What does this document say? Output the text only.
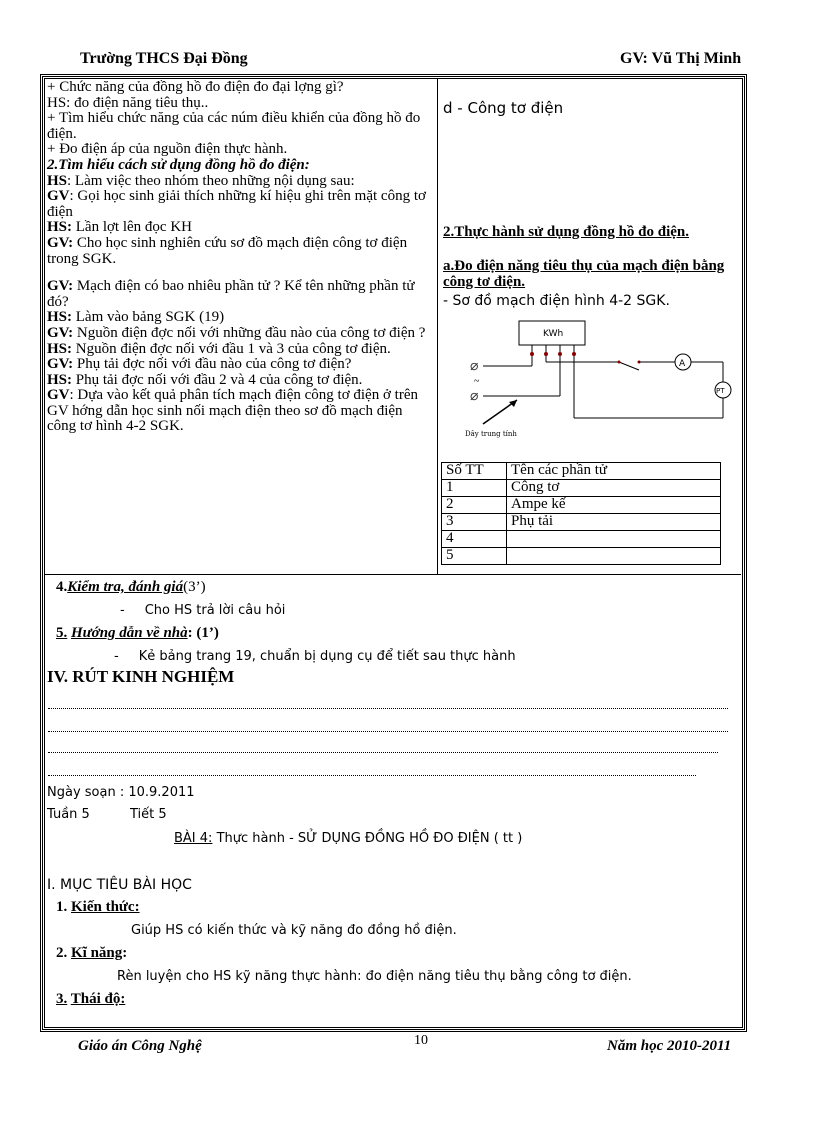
Trường THCS Đại Đồng	GV: Vũ Thị Minh

+ Chức năng của đồng hồ đo điện đo đại lợng gì?

HS: đo điện năng tiêu thụ..

+ Tìm hiểu chức năng của các núm điều khiển của đồng hồ đo điện.

+ Đo điện áp của nguồn điện thực hành.

2.Tìm hiểu cách sử dụng đồng hồ đo điện:

HS: Làm việc theo nhóm theo những nội dụng sau:

GV: Gọi học sinh giải thích những kí hiệu ghi trên mặt công tơ điện

HS: Lần lợt lên đọc KH

GV: Cho học sinh nghiên cứu sơ đồ mạch điện công tơ điện trong SGK.

GV: Mạch điện có bao nhiêu phần tử ? Kể tên những phần tử đó?

HS: Làm vào bảng SGK (19)

GV: Nguồn điện đợc nối với những đầu nào của công tơ điện ?

HS: Nguồn điện đợc nối với đầu 1 và 3 của công tơ điện.

GV: Phụ tải đợc nối với đầu nào của công tơ điện?

HS: Phụ tải đợc nối với đầu 2 và 4 của công tơ điện.

GV: Dựa vào kết quả phân tích mạch điện công tơ điện ở trên GV hớng dẫn học sinh nối mạch điện theo sơ đồ mạch điện công tơ hình 4-2 SGK.

d - Công tơ điện
2.Thực hành sử dụng đồng hồ đo điện.
a.Đo điện năng tiêu thụ của mạch điện bằng công tơ điện.
- Sơ đồ mạch điện hình 4-2 SGK.
KWh
⌀	A
PT
⌀
~
Dây trung tính
Số TT	Tên các phần tử
1	Công tơ
2	Ampe kế
3	Phụ tải
4	
5	
4.Kiểm tra, đánh giá(3’)
- Cho HS trả lời câu hỏi
5. Hướng dẫn về nhà: (1’)
- Kẻ bảng trang 19, chuẩn bị dụng cụ để tiết sau thực hành
IV. RÚT KINH NGHIỆM
Ngày soạn : 10.9.2011
Tuần 5	Tiết 5
BÀI 4: Thực hành - SỬ DỤNG ĐỒNG HỒ ĐO ĐIỆN ( tt )
I. MỤC TIÊU BÀI HỌC
1. Kiến thức:
Giúp HS có kiến thức và kỹ năng đo đồng hồ điện.
2. Kĩ năng:
Rèn luyện cho HS kỹ năng thực hành: đo điện năng tiêu thụ bằng công tơ điện.
3. Thái độ:
Giáo án Công Nghệ	10	Năm học 2010-2011
